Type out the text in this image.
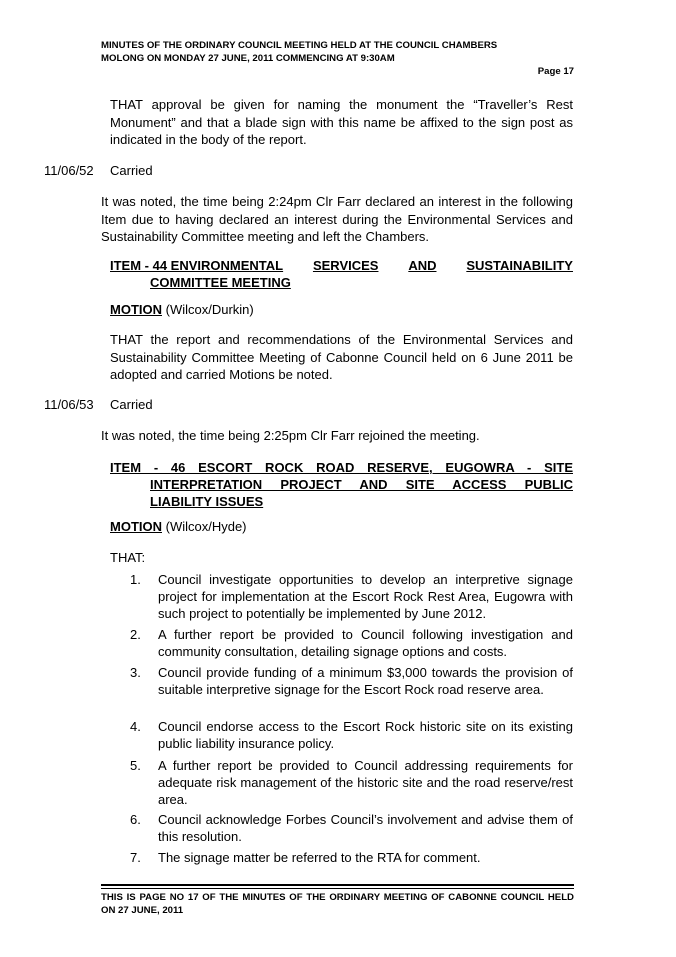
MINUTES OF THE ORDINARY COUNCIL MEETING HELD AT THE COUNCIL CHAMBERS
MOLONG ON MONDAY 27 JUNE, 2011 COMMENCING AT 9:30AM
Page 17

THAT approval be given for naming the monument the “Traveller’s Rest Monument” and that a blade sign with this name be affixed to the sign post as indicated in the body of the report.

11/06/52 Carried

It was noted, the time being 2:24pm Clr Farr declared an interest in the following Item due to having declared an interest during the Environmental Services and Sustainability Committee meeting and left the Chambers.

ITEM - 44 ENVIRONMENTAL SERVICES AND SUSTAINABILITY
COMMITTEE MEETING
MOTION (Wilcox/Durkin)

THAT the report and recommendations of the Environmental Services and Sustainability Committee Meeting of Cabonne Council held on 6 June 2011 be adopted and carried Motions be noted.

11/06/53 Carried

It was noted, the time being 2:25pm Clr Farr rejoined the meeting.

ITEM - 46 ESCORT ROCK ROAD RESERVE, EUGOWRA - SITE
INTERPRETATION PROJECT AND SITE ACCESS PUBLIC
LIABILITY ISSUES
MOTION (Wilcox/Hyde)
THAT:
1. Council investigate opportunities to develop an interpretive signage project for implementation at the Escort Rock Rest Area, Eugowra with such project to potentially be implemented by June 2012.
2. A further report be provided to Council following investigation and community consultation, detailing signage options and costs.
3. Council provide funding of a minimum $3,000 towards the provision of suitable interpretive signage for the Escort Rock road reserve area.
4. Council endorse access to the Escort Rock historic site on its existing public liability insurance policy.
5. A further report be provided to Council addressing requirements for adequate risk management of the historic site and the road reserve/rest area.
6. Council acknowledge Forbes Council’s involvement and advise them of this resolution.
7. The signage matter be referred to the RTA for comment.
THIS IS PAGE NO 17 OF THE MINUTES OF THE ORDINARY MEETING OF CABONNE COUNCIL HELD ON 27 JUNE, 2011
